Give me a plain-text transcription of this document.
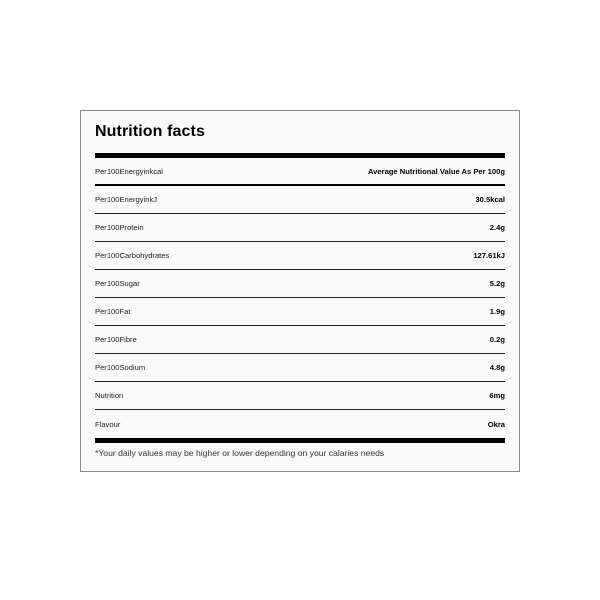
Nutrition facts
Per100Energyinkcal	Average Nutritional Value As Per 100g
Per100EnergyinkJ	30.5kcal
Per100Protein	2.4g
Per100Carbohydrates	127.61kJ
Per100Sugar	5.2g
Per100Fat	1.9g
Per100Fibre	0.2g
Per100Sodium	4.8g
Nutrition	6mg
Flavour	Okra
*Your daily values may be higher or lower depending on your calaries needs
